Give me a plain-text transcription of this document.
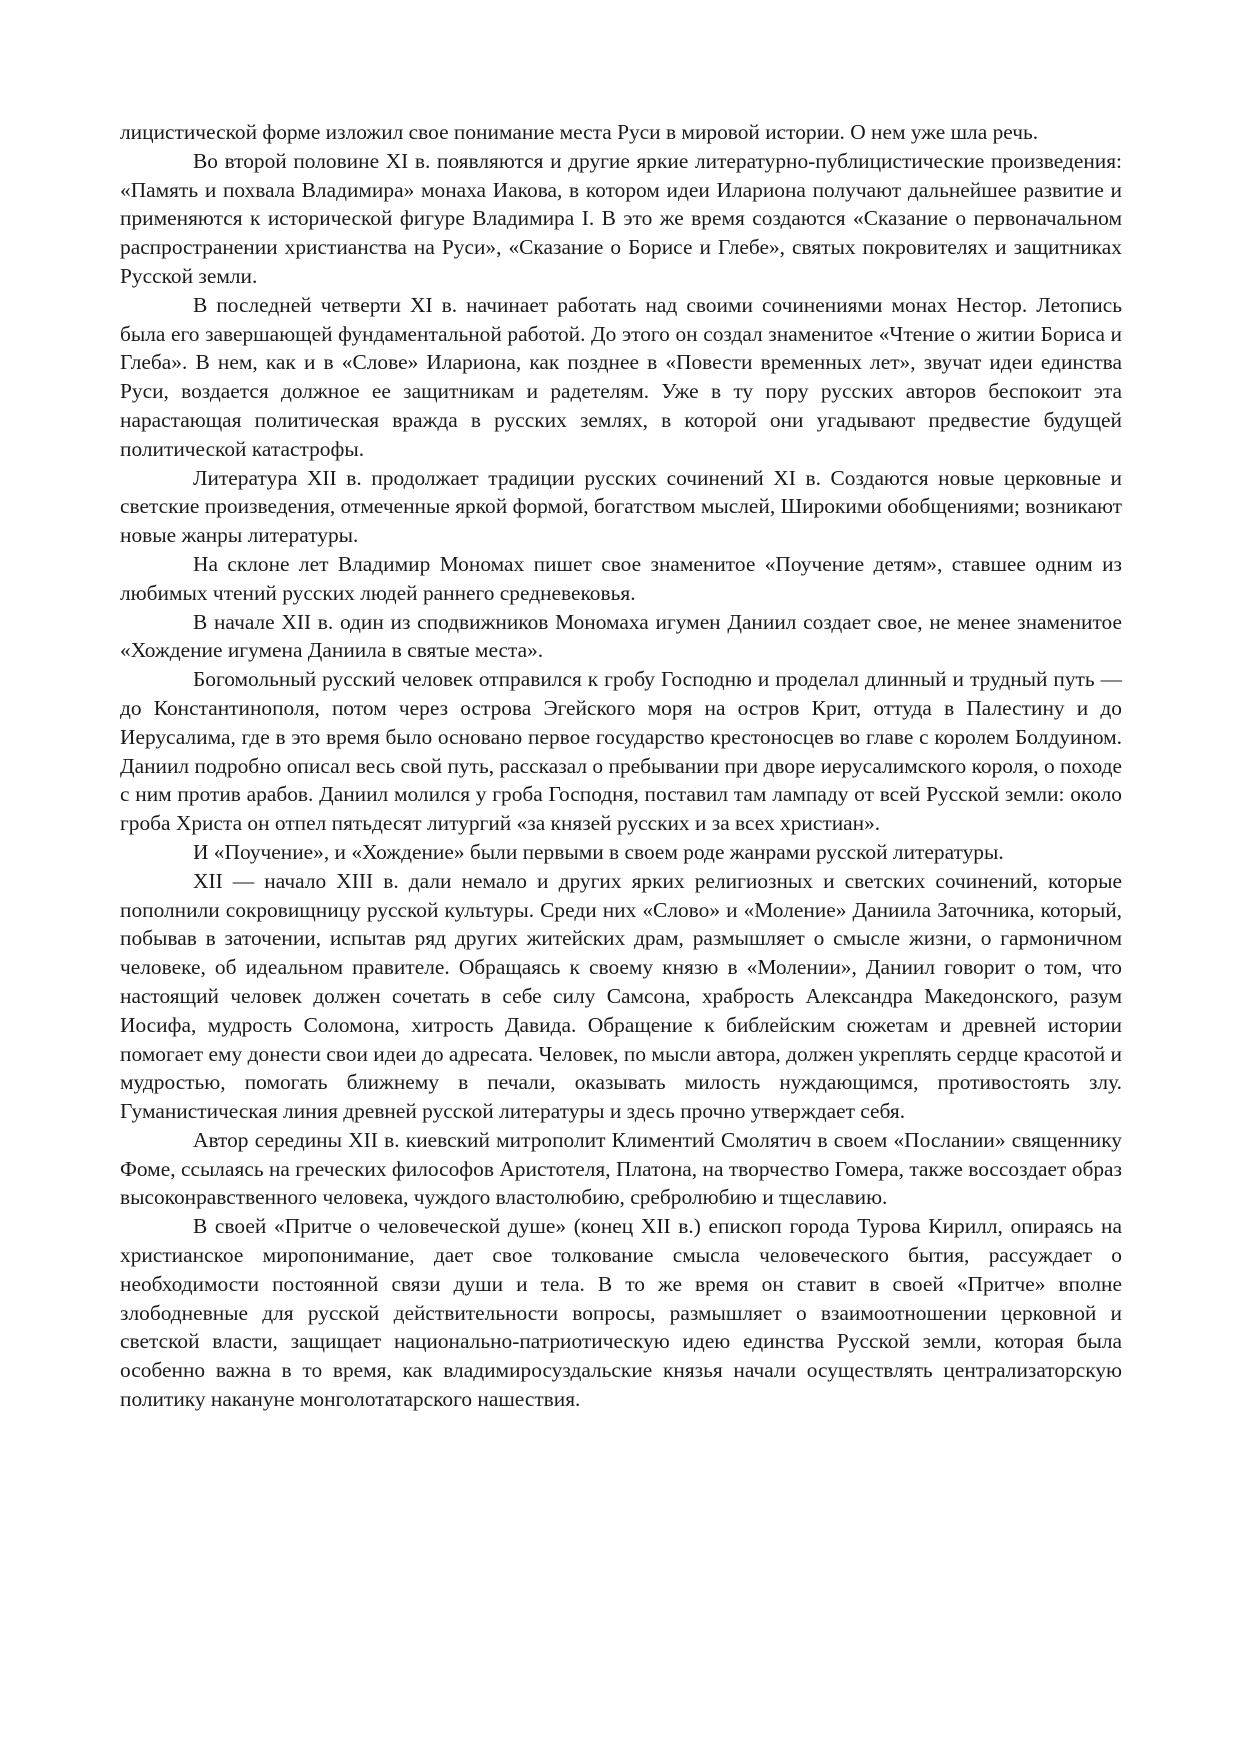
лицистической форме изложил свое понимание места Руси в мировой истории. О нем уже шла речь.

Во второй половине XI в. появляются и другие яркие литературно-публицистические произведения: «Память и похвала Владимира» монаха Иакова, в котором идеи Илариона получают дальнейшее развитие и применяются к исторической фигуре Владимира I. В это же время создаются «Сказание о первоначальном распространении христианства на Руси», «Сказание о Борисе и Глебе», святых покровителях и защитниках Русской земли.

В последней четверти XI в. начинает работать над своими сочинениями монах Нестор. Летопись была его завершающей фундаментальной работой. До этого он создал знаменитое «Чтение о житии Бориса и Глеба». В нем, как и в «Слове» Илариона, как позднее в «Повести временных лет», звучат идеи единства Руси, воздается должное ее защитникам и радетелям. Уже в ту пору русских авторов беспокоит эта нарастающая политическая вражда в русских землях, в которой они угадывают предвестие будущей политической катастрофы.

Литература XII в. продолжает традиции русских сочинений XI в. Создаются новые церковные и светские произведения, отмеченные яркой формой, богатством мыслей, Широкими обобщениями; возникают новые жанры литературы.

На склоне лет Владимир Мономах пишет свое знаменитое «Поучение детям», ставшее одним из любимых чтений русских людей раннего средневековья.

В начале XII в. один из сподвижников Мономаха игумен Даниил создает свое, не менее знаменитое «Хождение игумена Даниила в святые места».

Богомольный русский человек отправился к гробу Господню и проделал длинный и трудный путь — до Константинополя, потом через острова Эгейского моря на остров Крит, оттуда в Палестину и до Иерусалима, где в это время было основано первое государство крестоносцев во главе с королем Болдуином. Даниил подробно описал весь свой путь, рассказал о пребывании при дворе иерусалимского короля, о походе с ним против арабов. Даниил молился у гроба Господня, поставил там лампаду от всей Русской земли: около гроба Христа он отпел пятьдесят литургий «за князей русских и за всех христиан».

И «Поучение», и «Хождение» были первыми в своем роде жанрами русской литературы.

XII — начало XIII в. дали немало и других ярких религиозных и светских сочинений, которые пополнили сокровищницу русской культуры. Среди них «Слово» и «Моление» Даниила Заточника, который, побывав в заточении, испытав ряд других житейских драм, размышляет о смысле жизни, о гармоничном человеке, об идеальном правителе. Обращаясь к своему князю в «Молении», Даниил говорит о том, что настоящий человек должен сочетать в себе силу Самсона, храбрость Александра Македонского, разум Иосифа, мудрость Соломона, хитрость Давида. Обращение к библейским сюжетам и древней истории помогает ему донести свои идеи до адресата. Человек, по мысли автора, должен укреплять сердце красотой и мудростью, помогать ближнему в печали, оказывать милость нуждающимся, противостоять злу. Гуманистическая линия древней русской литературы и здесь прочно утверждает себя.

Автор середины XII в. киевский митрополит Климентий Смолятич в своем «Послании» священнику Фоме, ссылаясь на греческих философов Аристотеля, Платона, на творчество Гомера, также воссоздает образ высоконравственного человека, чуждого властолюбию, сребролюбию и тщеславию.

В своей «Притче о человеческой душе» (конец XII в.) епископ города Турова Кирилл, опираясь на христианское миропонимание, дает свое толкование смысла человеческого бытия, рассуждает о необходимости постоянной связи души и тела. В то же время он ставит в своей «Притче» вполне злободневные для русской действительности вопросы, размышляет о взаимоотношении церковной и светской власти, защищает национально-патриотическую идею единства Русской земли, которая была особенно важна в то время, как владимиросуздальские князья начали осуществлять централизаторскую политику накануне монголотатарского нашествия.
